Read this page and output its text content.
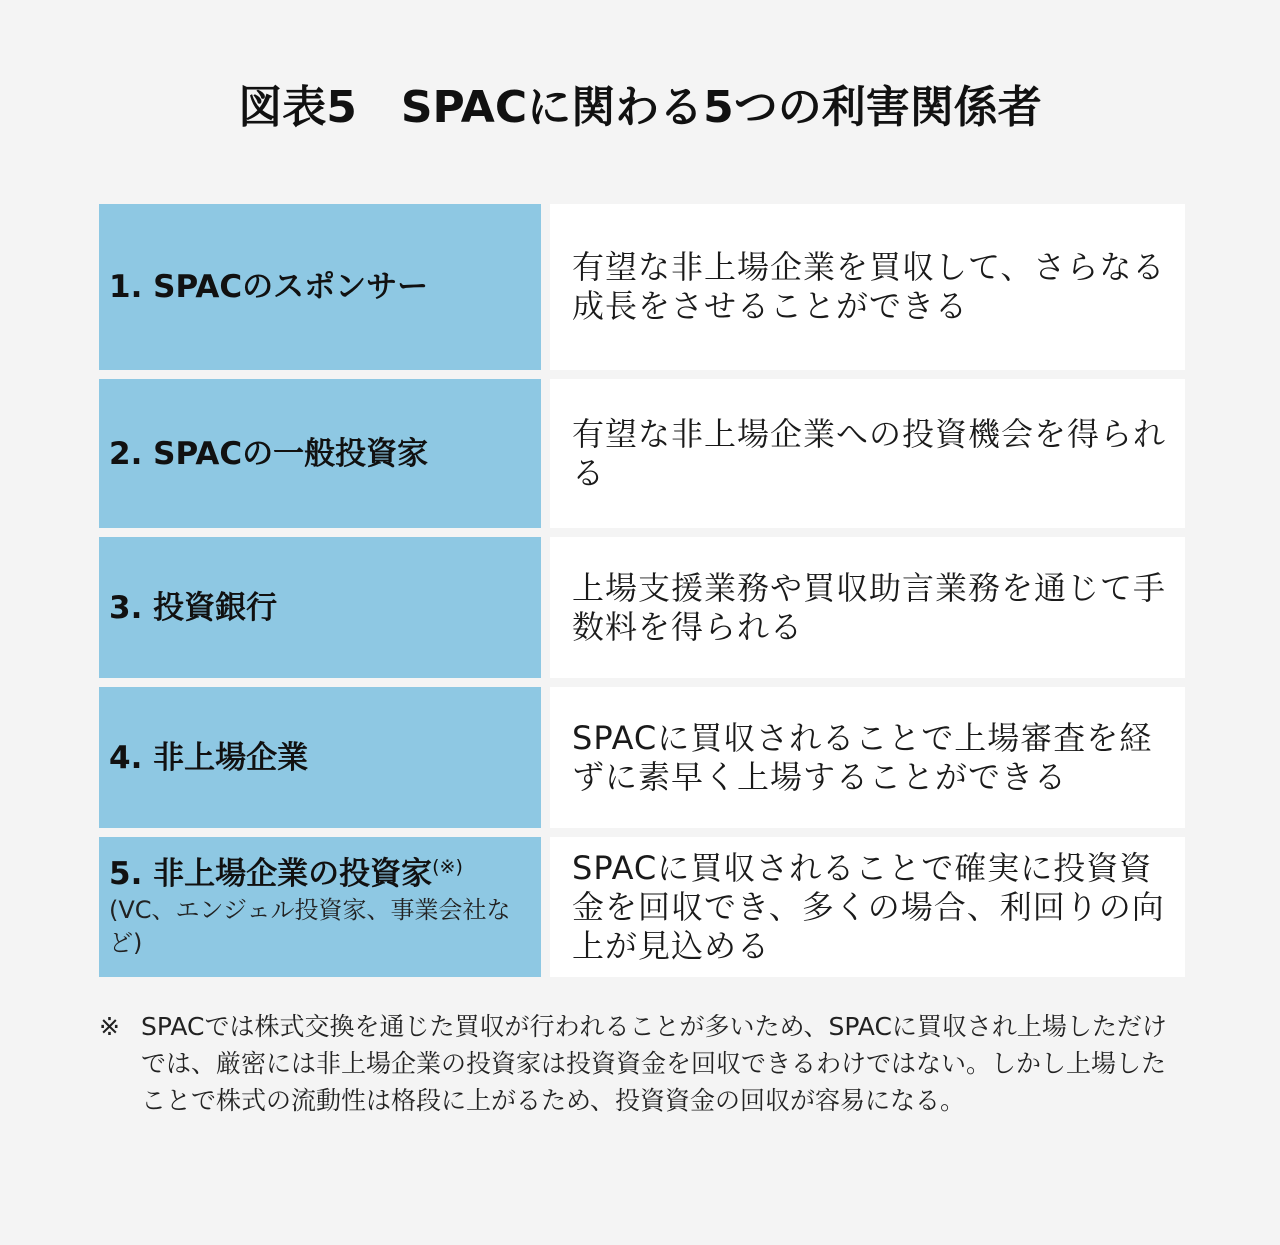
図表5　SPACに関わる5つの利害関係者
1. SPACのスポンサー
有望な非上場企業を買収して、さらなる成長をさせることができる
2. SPACの一般投資家
有望な非上場企業への投資機会を得られる
3. 投資銀行
上場支援業務や買収助言業務を通じて手数料を得られる
4. 非上場企業
SPACに買収されることで上場審査を経ずに素早く上場することができる
5. 非上場企業の投資家(※)
(VC、エンジェル投資家、事業会社など)
SPACに買収されることで確実に投資資金を回収でき、多くの場合、利回りの向上が見込める
※ SPACでは株式交換を通じた買収が行われることが多いため、SPACに買収され上場しただけでは、厳密には非上場企業の投資家は投資資金を回収できるわけではない。しかし上場したことで株式の流動性は格段に上がるため、投資資金の回収が容易になる。
